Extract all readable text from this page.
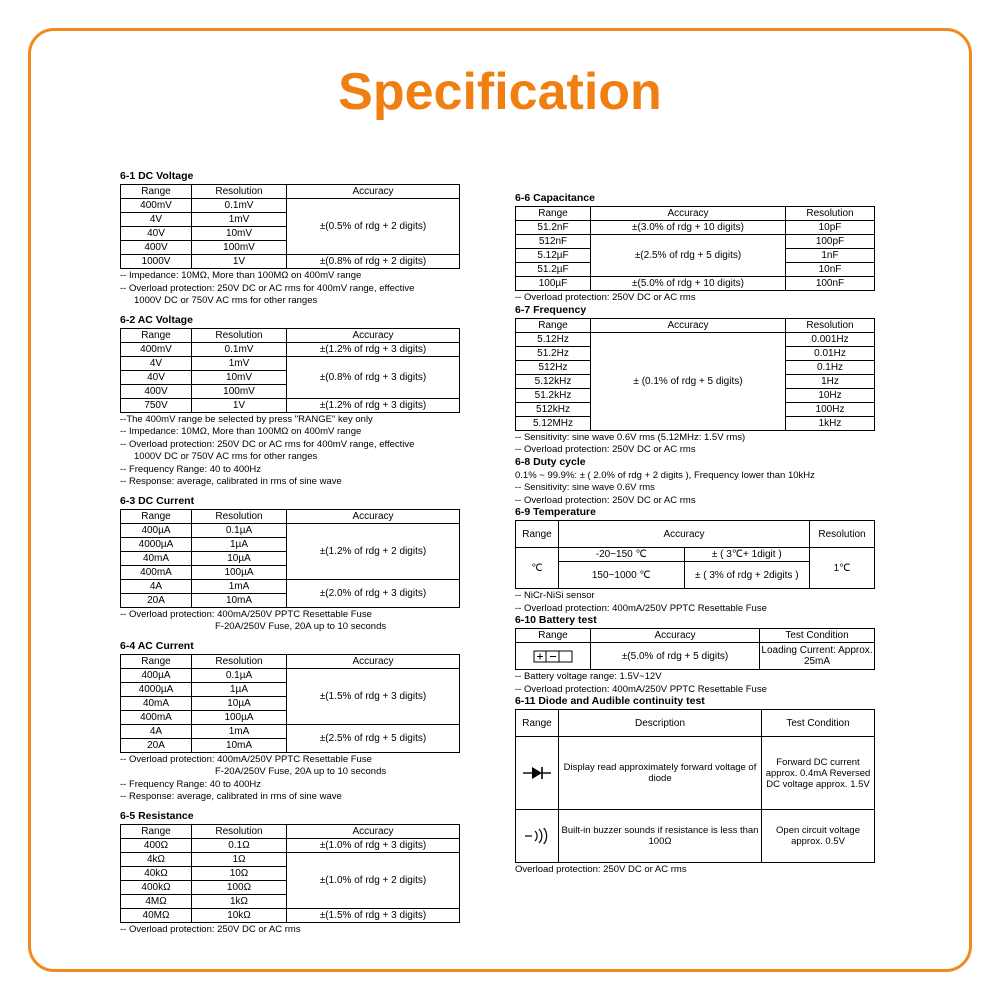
Specification
6-1 DC Voltage
Range	Resolution	Accuracy
400mV	0.1mV	±(0.5% of rdg + 2 digits)
4V	1mV	
40V	10mV	
400V	100mV	
1000V	1V	±(0.8% of rdg + 2 digits)
-- Impedance: 10MΩ, More than 100MΩ on 400mV range
-- Overload protection: 250V DC or AC rms for 400mV range, effective
1000V DC or 750V AC rms for other ranges
6-2 AC Voltage
Range	Resolution	Accuracy
400mV	0.1mV	±(1.2% of rdg + 3 digits)
4V	1mV	±(0.8% of rdg + 3 digits)
40V	10mV	
400V	100mV	
750V	1V	±(1.2% of rdg + 3 digits)
--The 400mV range be selected by press "RANGE" key only
-- Impedance: 10MΩ, More than 100MΩ on 400mV range
-- Overload protection: 250V DC or AC rms for 400mV range, effective
1000V DC or 750V AC rms for other ranges
-- Frequency Range: 40 to 400Hz
-- Response: average, calibrated in rms of sine wave
6-3 DC Current
Range	Resolution	Accuracy
400µA	0.1µA	±(1.2% of rdg + 2 digits)
4000µA	1µA	
40mA	10µA	
400mA	100µA	
4A	1mA	±(2.0% of rdg + 3 digits)
20A	10mA	
-- Overload protection: 400mA/250V PPTC Resettable Fuse
F-20A/250V Fuse, 20A up to 10 seconds
6-4 AC Current
Range	Resolution	Accuracy
400µA	0.1µA	±(1.5% of rdg + 3 digits)
4000µA	1µA	
40mA	10µA	
400mA	100µA	
4A	1mA	±(2.5% of rdg + 5 digits)
20A	10mA	
-- Overload protection: 400mA/250V PPTC Resettable Fuse
F-20A/250V Fuse, 20A up to 10 seconds
-- Frequency Range: 40 to 400Hz
-- Response: average, calibrated in rms of sine wave
6-5 Resistance
Range	Resolution	Accuracy
400Ω	0.1Ω	±(1.0% of rdg + 3 digits)
4kΩ	1Ω	±(1.0% of rdg + 2 digits)
40kΩ	10Ω	
400kΩ	100Ω	
4MΩ	1kΩ	
40MΩ	10kΩ	±(1.5% of rdg + 3 digits)
-- Overload protection: 250V DC or AC rms
6-6 Capacitance
Range	Accuracy	Resolution
51.2nF	±(3.0% of rdg + 10 digits)	10pF
512nF	±(2.5% of rdg + 5 digits)	100pF
5.12µF		1nF
51.2µF		10nF
100µF	±(5.0% of rdg + 10 digits)	100nF
-- Overload protection: 250V DC or AC rms
6-7 Frequency
Range	Accuracy	Resolution
5.12Hz	± (0.1% of rdg + 5 digits)	0.001Hz
51.2Hz		0.01Hz
512Hz		0.1Hz
5.12kHz		1Hz
51.2kHz		10Hz
512kHz		100Hz
5.12MHz		1kHz
-- Sensitivity: sine wave 0.6V rms (5.12MHz: 1.5V rms)
-- Overload protection: 250V DC or AC rms
6-8 Duty cycle
0.1% ~ 99.9%: ± ( 2.0% of rdg + 2 digits ), Frequency lower than 10kHz
-- Sensitivity: sine wave 0.6V rms
-- Overload protection: 250V DC or AC rms
6-9 Temperature
Range	Accuracy		Resolution
℃	-20~150 ℃	± ( 3℃+ 1digit )	1℃
	150~1000 ℃	± ( 3% of rdg + 2digits )	
-- NiCr-NiSi sensor
-- Overload protection: 400mA/250V PPTC Resettable Fuse
6-10 Battery test
Range	Accuracy	Test Condition
	±(5.0% of rdg + 5 digits)	Loading Current: Approx. 25mA
-- Battery voltage range: 1.5V~12V
-- Overload protection: 400mA/250V PPTC Resettable Fuse
6-11 Diode and Audible continuity test
Range	Description	Test Condition
	Display read approximately forward voltage of diode	Forward DC current approx. 0.4mA Reversed DC voltage approx. 1.5V
	Built-in buzzer sounds if resistance is less than 100Ω	Open circuit voltage approx. 0.5V
Overload protection: 250V DC or AC rms
